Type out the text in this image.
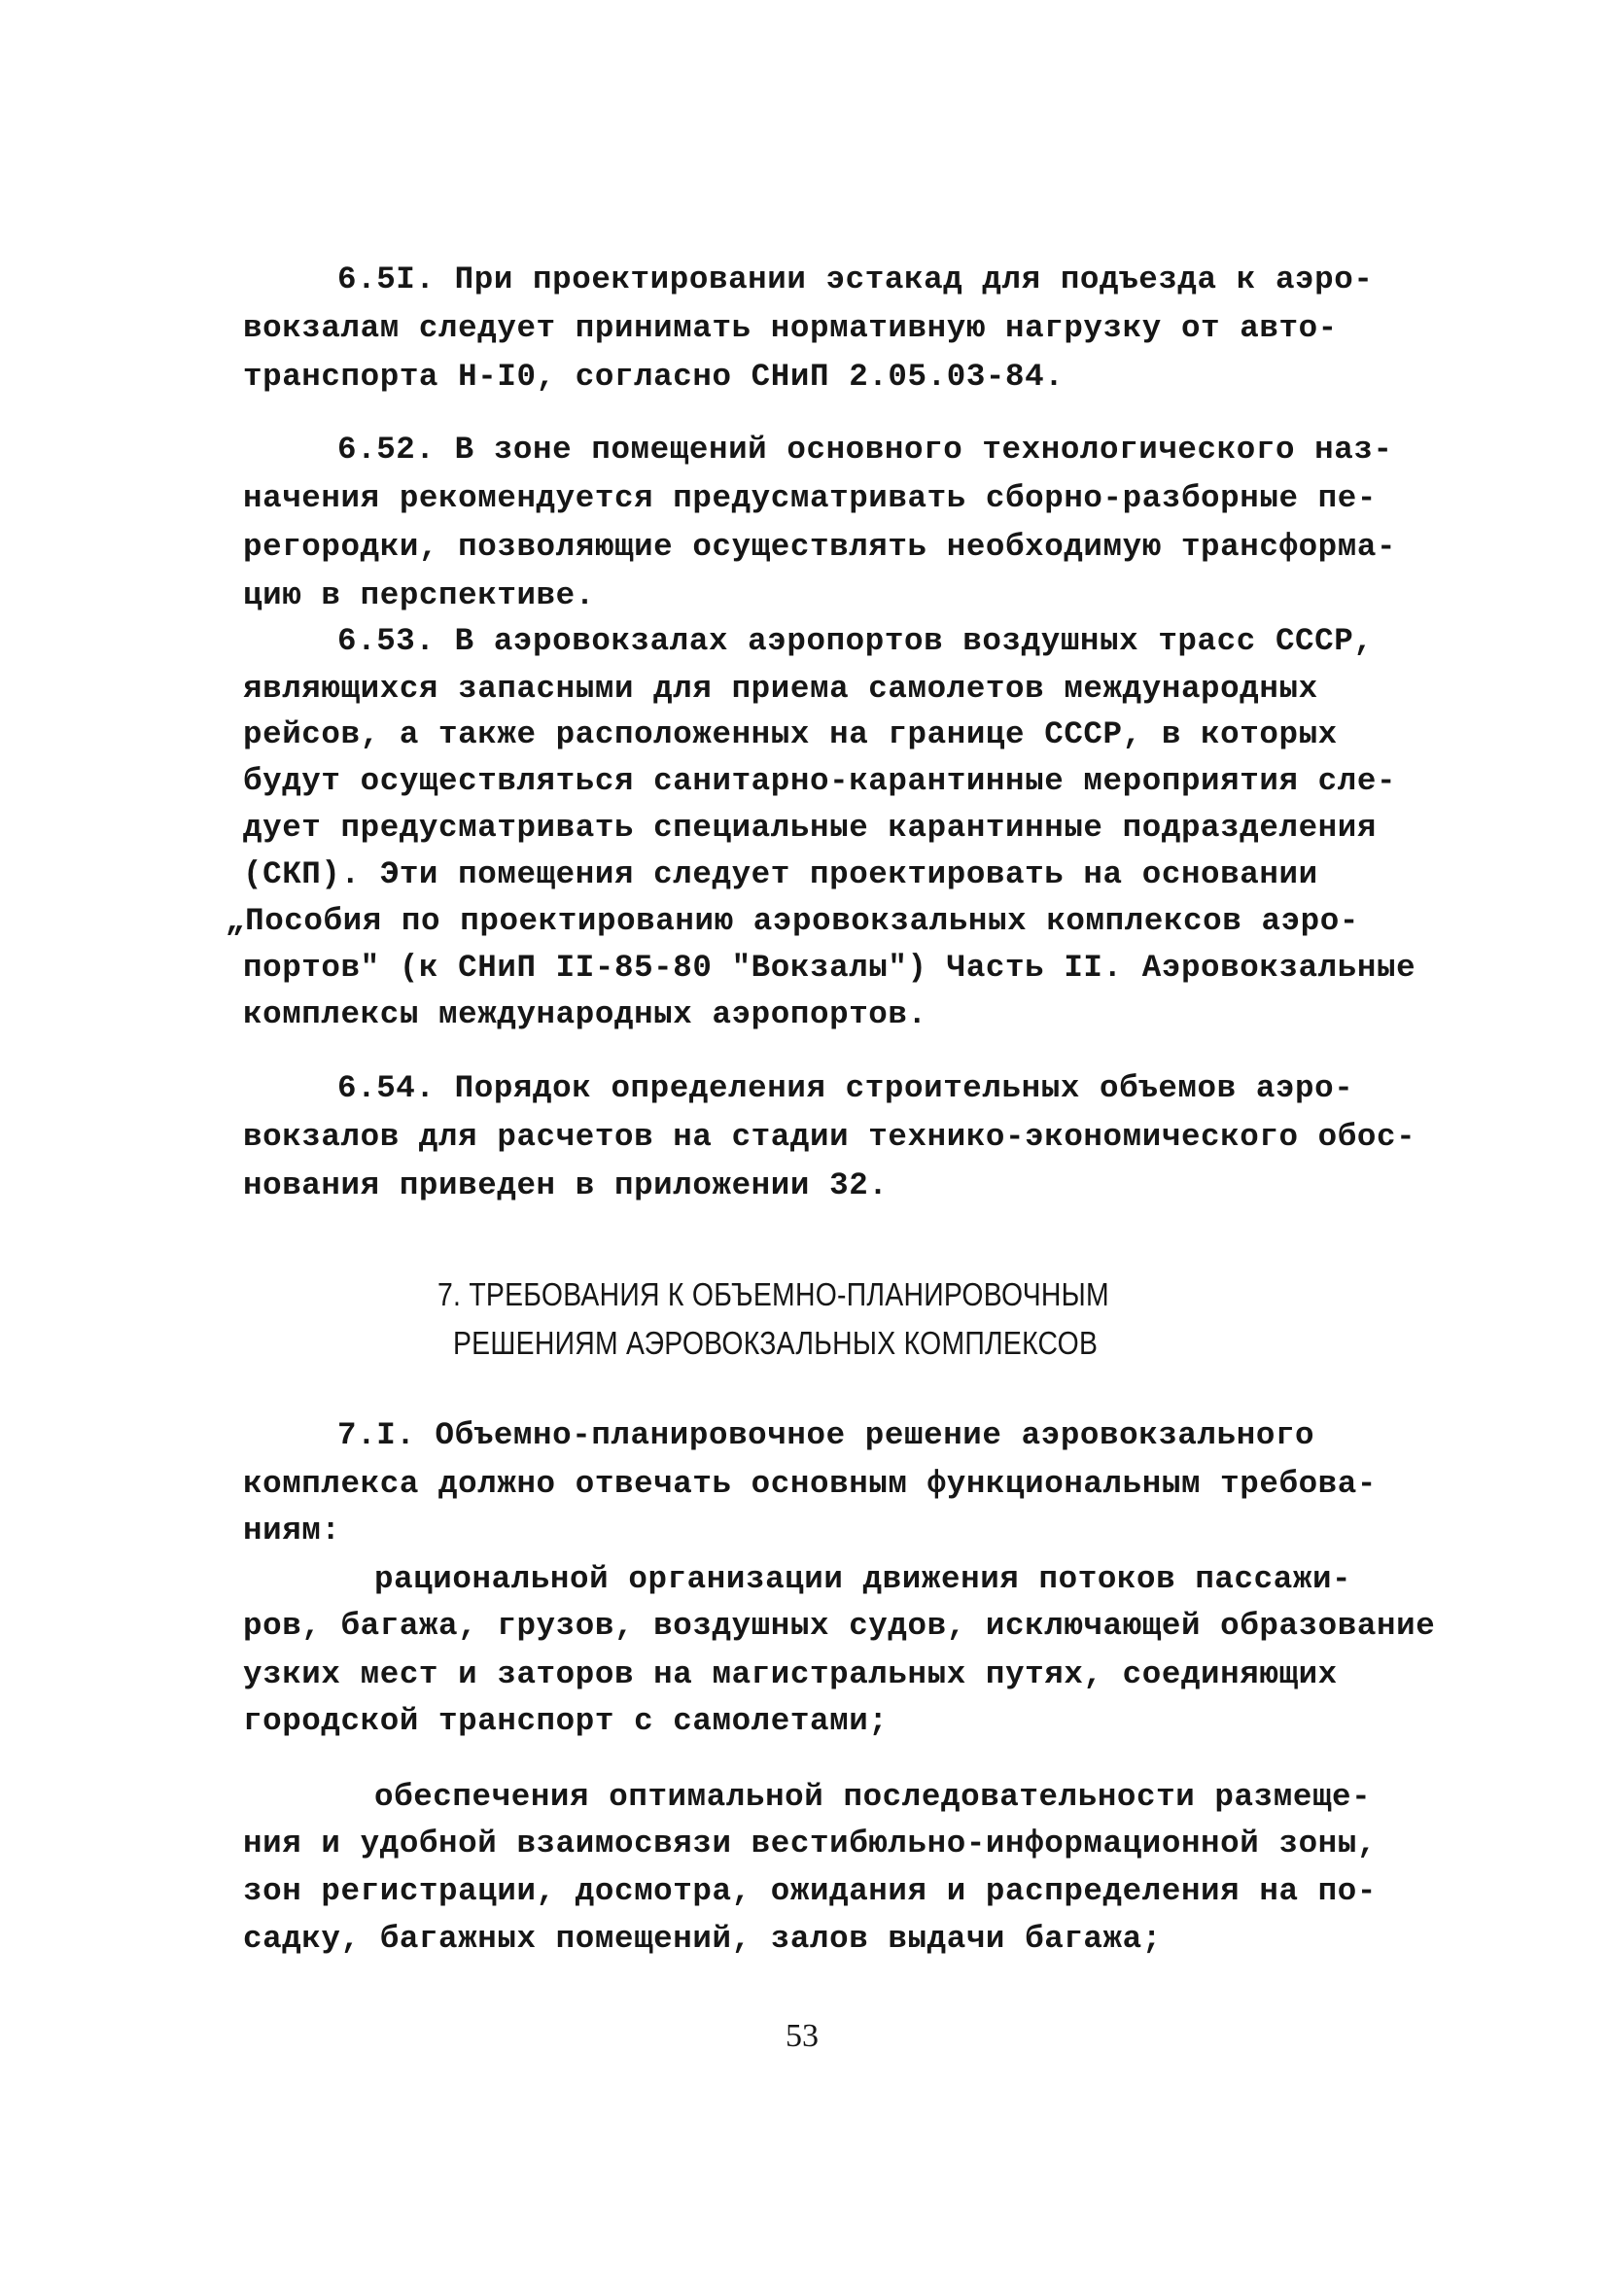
6.5I. При проектировании эстакад для подъезда к аэро-
вокзалам следует принимать нормативную нагрузку от авто-
транспорта Н-I0, согласно СНиП 2.05.03-84.
6.52. В зоне помещений основного технологического наз-
начения рекомендуется предусматривать сборно-разборные пе-
регородки, позволяющие осуществлять необходимую трансформа-
цию в перспективе.
6.53. В аэровокзалах аэропортов воздушных трасс СССР,
являющихся запасными для приема самолетов международных
рейсов, а также расположенных на границе СССР, в которых
будут осуществляться санитарно-карантинные мероприятия сле-
дует предусматривать специальные карантинные подразделения
(СКП). Эти помещения следует проектировать на основании
„Пособия по проектированию аэровокзальных комплексов аэро-
портов" (к СНиП II-85-80 "Вокзалы") Часть II. Аэровокзальные
комплексы международных аэропортов.
6.54. Порядок определения строительных объемов аэро-
вокзалов для расчетов на стадии технико-экономического обос-
нования приведен в приложении 32.
7. ТРЕБОВАНИЯ К ОБЪЕМНО-ПЛАНИРОВОЧНЫМ
РЕШЕНИЯМ АЭРОВОКЗАЛЬНЫХ КОМПЛЕКСОВ
7.I. Объемно-планировочное решение аэровокзального
комплекса должно отвечать основным функциональным требова-
ниям:
рациональной организации движения потоков пассажи-
ров, багажа, грузов, воздушных судов, исключающей образование
узких мест и заторов на магистральных путях, соединяющих
городской транспорт с самолетами;
обеспечения оптимальной последовательности размеще-
ния и удобной взаимосвязи вестибюльно-информационной зоны,
зон регистрации, досмотра, ожидания и распределения на по-
садку, багажных помещений, залов выдачи багажа;
53
